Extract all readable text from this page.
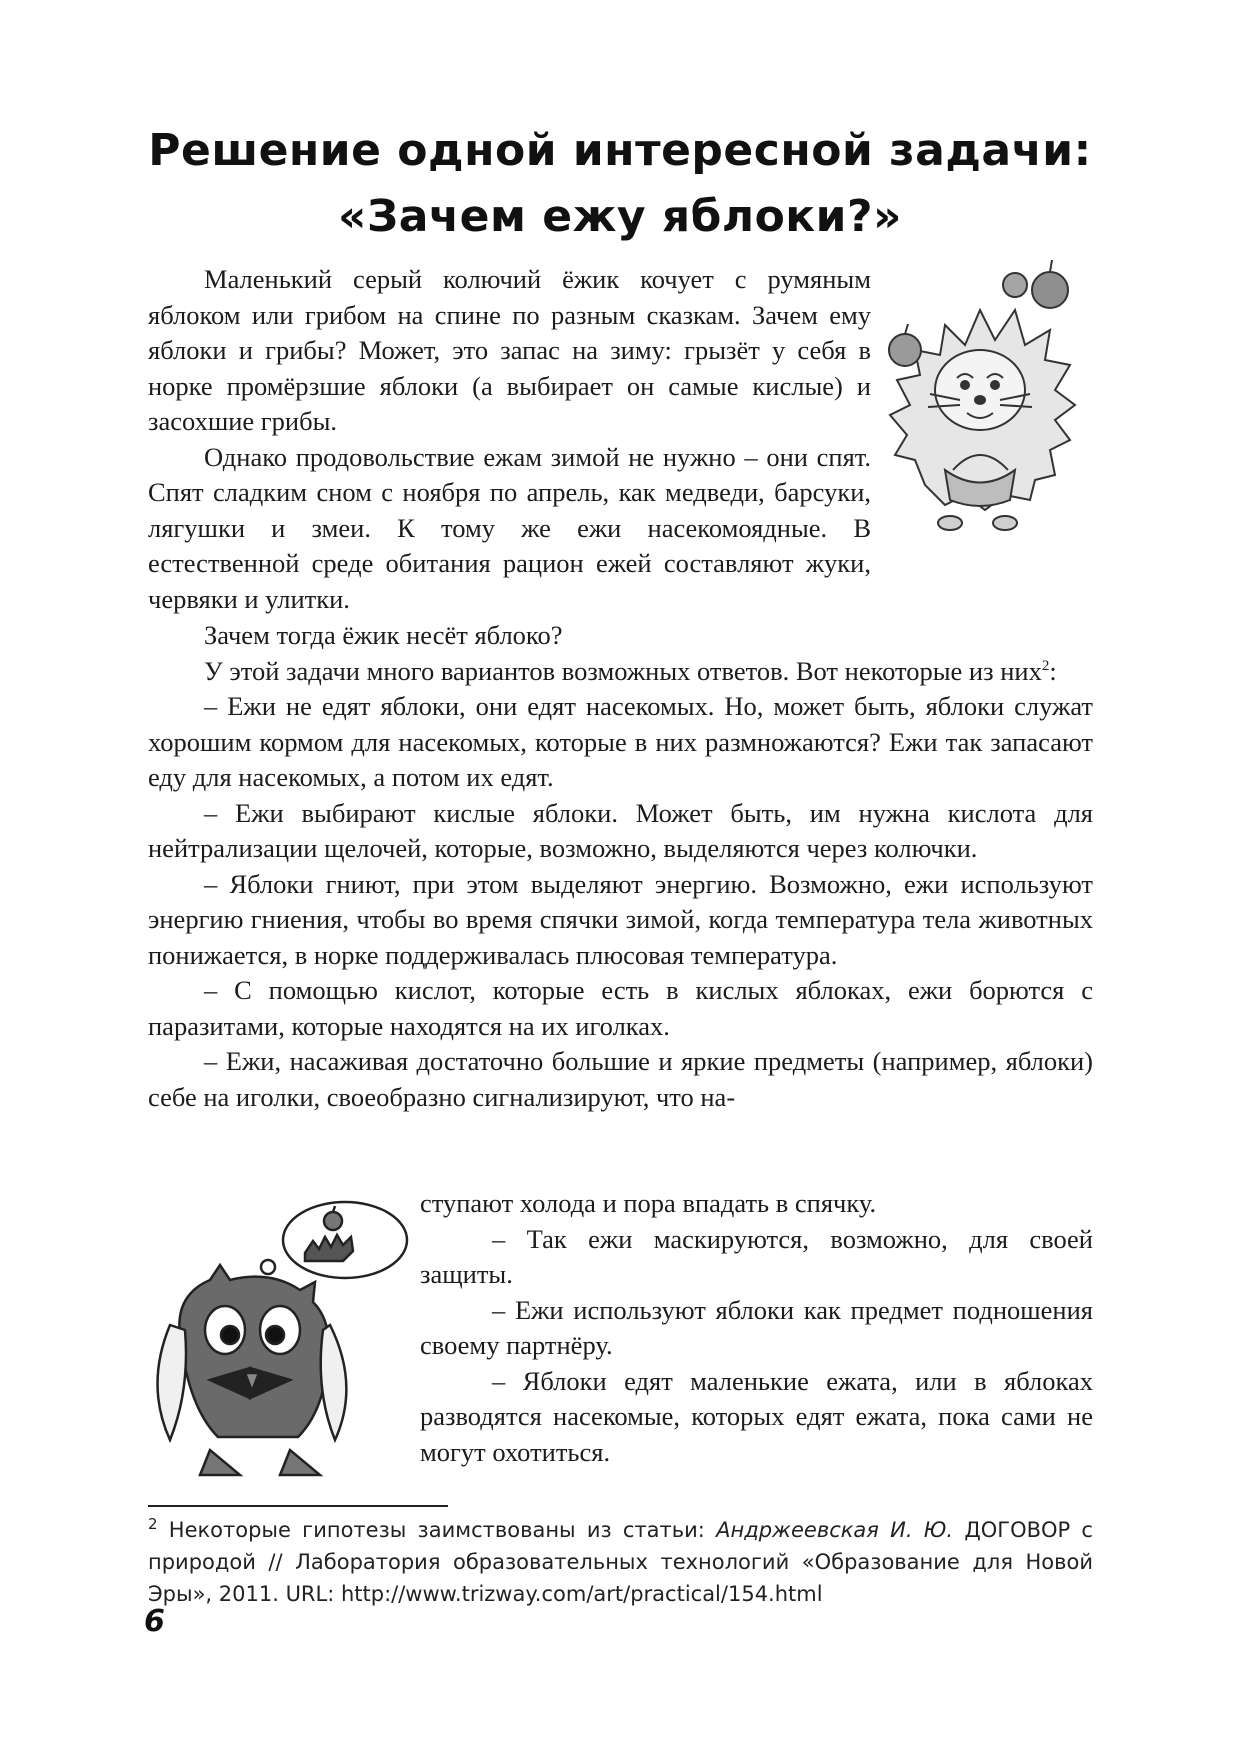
Решение одной интересной задачи:
«Зачем ежу яблоки?»

Маленький серый колючий ёжик кочует с румяным яблоком или грибом на спине по разным сказкам. Зачем ему яблоки и грибы? Может, это запас на зиму: грызёт у себя в норке промёрзшие яблоки (а выбирает он самые кислые) и засохшие грибы.

Однако продовольствие ежам зимой не нужно – они спят. Спят сладким сном с ноября по апрель, как медведи, барсуки, лягушки и змеи. К тому же ежи насекомоядные. В естественной среде обитания рацион ежей составляют жуки, червяки и улитки.

Зачем тогда ёжик несёт яблоко?

У этой задачи много вариантов возможных ответов. Вот некоторые из них$^2$:

– Ежи не едят яблоки, они едят насекомых. Но, может быть, яблоки служат хорошим кормом для насекомых, которые в них размножаются? Ежи так запасают еду для насекомых, а потом их едят.

– Ежи выбирают кислые яблоки. Может быть, им нужна кислота для нейтрализации щелочей, которые, возможно, выделяются через колючки.

– Яблоки гниют, при этом выделяют энергию. Возможно, ежи используют энергию гниения, чтобы во время спячки зимой, когда температура тела животных понижается, в норке поддерживалась плюсовая температура.

– С помощью кислот, которые есть в кислых яблоках, ежи борются с паразитами, которые находятся на их иголках.

– Ежи, насаживая достаточно большие и яркие предметы (например, яблоки) себе на иголки, своеобразно сигнализируют, что на-

ступают холода и пора впадать в спячку.

– Так ежи маскируются, возможно, для своей защиты.

– Ежи используют яблоки как предмет подношения своему партнёру.

– Яблоки едят маленькие ежата, или в яблоках разводятся насекомые, которых едят ежата, пока сами не могут охотиться.

$^2$ Некоторые гипотезы заимствованы из статьи: Андржеевская И. Ю. ДОГОВОР с природой // Лаборатория образовательных технологий «Образование для Новой Эры», 2011. URL: http://www.trizway.com/art/practical/154.html

6
